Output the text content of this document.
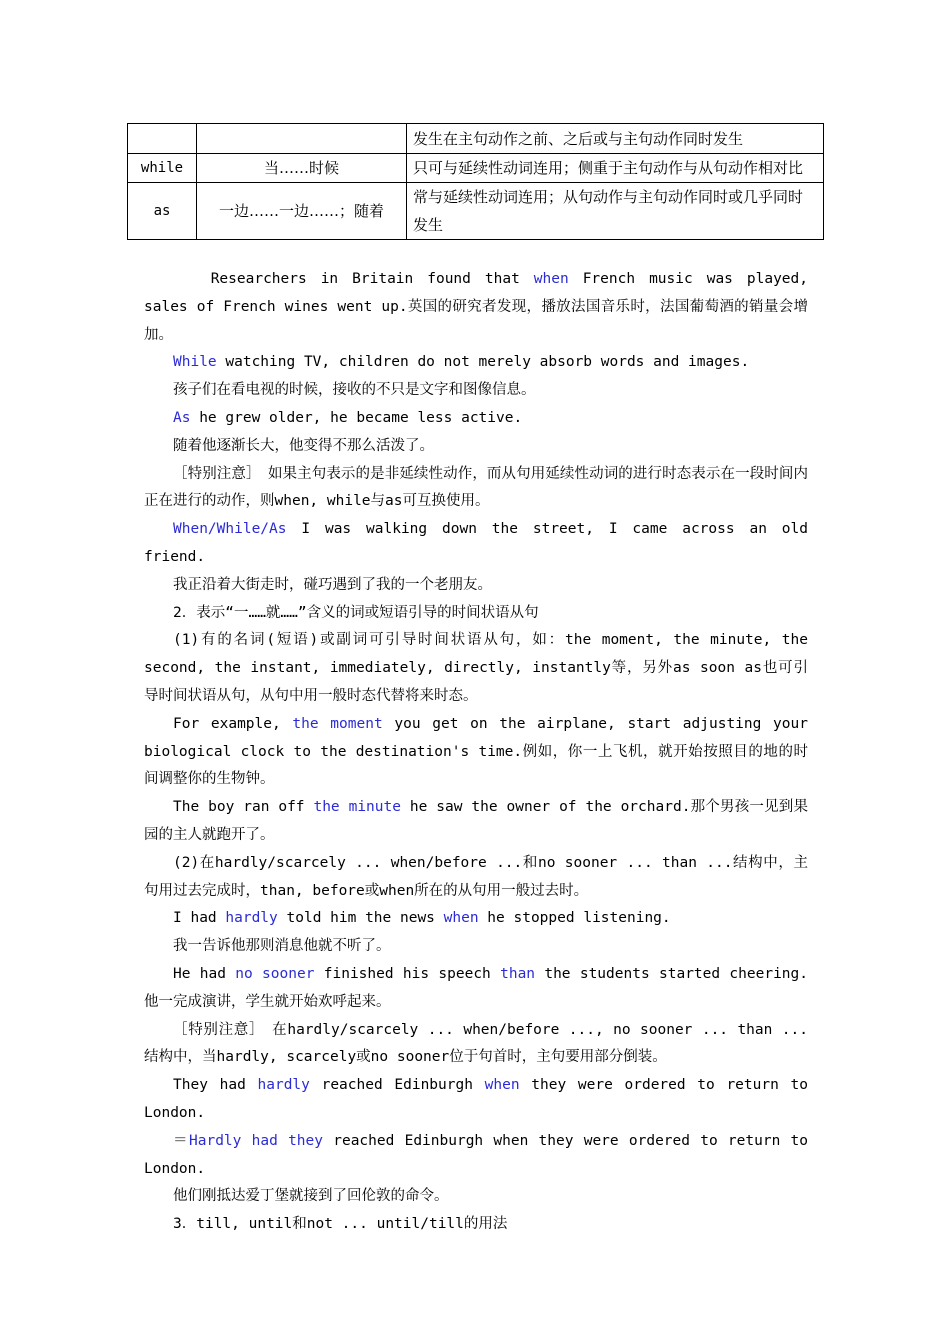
		发生在主句动作之前、之后或与主句动作同时发生
while	当……时候	只可与延续性动词连用；侧重于主句动作与从句动作相对比
as	一边……一边……；随着	常与延续性动词连用；从句动作与主句动作同时或几乎同时发生

Researchers in Britain found that when French music was played, sales of French wines went up.英国的研究者发现，播放法国音乐时，法国葡萄酒的销量会增加。

While watching TV, children do not merely absorb words and images.

孩子们在看电视的时候，接收的不只是文字和图像信息。

As he grew older, he became less active.

随着他逐渐长大，他变得不那么活泼了。

［特别注意］　如果主句表示的是非延续性动作，而从句用延续性动词的进行时态表示在一段时间内正在进行的动作，则when, while与as可互换使用。

When/While/As I was walking down the street, I came across an old friend.

我正沿着大街走时，碰巧遇到了我的一个老朋友。

2．表示“一……就……”含义的词或短语引导的时间状语从句

(1)有的名词(短语)或副词可引导时间状语从句，如：the moment, the minute, the second, the instant, immediately, directly, instantly等，另外as soon as也可引导时间状语从句，从句中用一般时态代替将来时态。

For example, the moment you get on the airplane, start adjusting your biological clock to the destination's time.例如，你一上飞机，就开始按照目的地的时间调整你的生物钟。

The boy ran off the minute he saw the owner of the orchard.那个男孩一见到果园的主人就跑开了。

(2)在hardly/scarcely ... when/before ...和no sooner ... than ...结构中，主句用过去完成时，than, before或when所在的从句用一般过去时。

I had hardly told him the news when he stopped listening.

我一告诉他那则消息他就不听了。

He had no sooner finished his speech than the students started cheering.他一完成演讲，学生就开始欢呼起来。

［特别注意］　在hardly/scarcely ... when/before ..., no sooner ... than ...结构中，当hardly, scarcely或no sooner位于句首时，主句要用部分倒装。

They had hardly reached Edinburgh when they were ordered to return to London.

＝Hardly had they reached Edinburgh when they were ordered to return to London.

他们刚抵达爱丁堡就接到了回伦敦的命令。

3．till, until和not ... until/till的用法
